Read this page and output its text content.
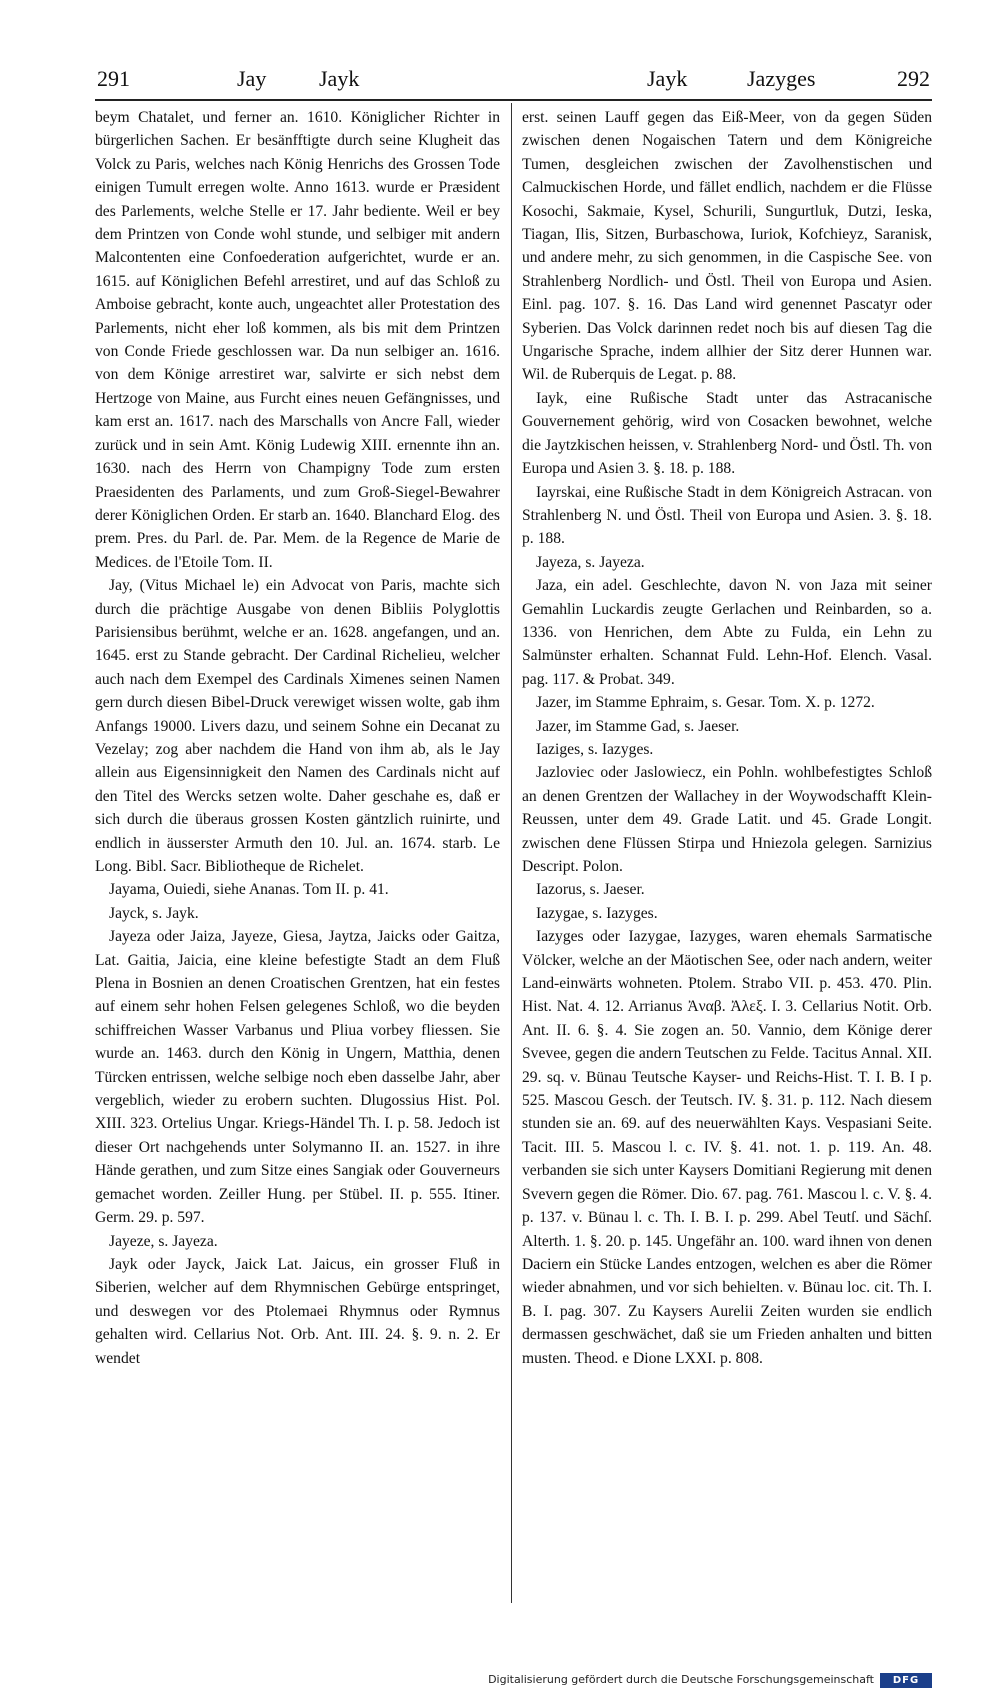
291	Jay Jayk	Jayk	Jazyges	292

beym Chatalet, und ferner an. 1610. Königlicher Richter in bürgerlichen Sachen. Er besänfftigte durch seine Klugheit das Volck zu Paris, welches nach König Henrichs des Grossen Tode einigen Tumult erregen wolte. Anno 1613. wurde er Præsident des Parlements, welche Stelle er 17. Jahr bediente. Weil er bey dem Printzen von Conde wohl stunde, und selbiger mit andern Malcontenten eine Confoederation aufgerichtet, wurde er an. 1615. auf Königlichen Befehl arrestiret, und auf das Schloß zu Amboise gebracht, konte auch, ungeachtet aller Protestation des Parlements, nicht eher loß kommen, als bis mit dem Printzen von Conde Friede geschlossen war. Da nun selbiger an. 1616. von dem Könige arrestiret war, salvirte er sich nebst dem Hertzoge von Maine, aus Furcht eines neuen Gefängnisses, und kam erst an. 1617. nach des Marschalls von Ancre Fall, wieder zurück und in sein Amt. König Ludewig XIII. ernennte ihn an. 1630. nach des Herrn von Champigny Tode zum ersten Praesidenten des Parlaments, und zum Groß-Siegel-Bewahrer derer Königlichen Orden. Er starb an. 1640. Blanchard Elog. des prem. Pres. du Parl. de. Par. Mem. de la Regence de Marie de Medices. de l'Etoile Tom. II.

Jay, (Vitus Michael le) ein Advocat von Paris, machte sich durch die prächtige Ausgabe von denen Bibliis Polyglottis Parisiensibus berühmt, welche er an. 1628. angefangen, und an. 1645. erst zu Stande gebracht. Der Cardinal Richelieu, welcher auch nach dem Exempel des Cardinals Ximenes seinen Namen gern durch diesen Bibel-Druck verewiget wissen wolte, gab ihm Anfangs 19000. Livers dazu, und seinem Sohne ein Decanat zu Vezelay; zog aber nachdem die Hand von ihm ab, als le Jay allein aus Eigensinnigkeit den Namen des Cardinals nicht auf den Titel des Wercks setzen wolte. Daher geschahe es, daß er sich durch die überaus grossen Kosten gäntzlich ruinirte, und endlich in äusserster Armuth den 10. Jul. an. 1674. starb. Le Long. Bibl. Sacr. Bibliotheque de Richelet.

Jayama, Ouiedi, siehe Ananas. Tom II. p. 41.

Jayck, s. Jayk.

Jayeza oder Jaiza, Jayeze, Giesa, Jaytza, Jaicks oder Gaitza, Lat. Gaitia, Jaicia, eine kleine befestigte Stadt an dem Fluß Plena in Bosnien an denen Croatischen Grentzen, hat ein festes auf einem sehr hohen Felsen gelegenes Schloß, wo die beyden schiffreichen Wasser Varbanus und Pliua vorbey fliessen. Sie wurde an. 1463. durch den König in Ungern, Matthia, denen Türcken entrissen, welche selbige noch eben dasselbe Jahr, aber vergeblich, wieder zu erobern suchten. Dlugossius Hist. Pol. XIII. 323. Ortelius Ungar. Kriegs-Händel Th. I. p. 58. Jedoch ist dieser Ort nachgehends unter Solymanno II. an. 1527. in ihre Hände gerathen, und zum Sitze eines Sangiak oder Gouverneurs gemachet worden. Zeiller Hung. per Stübel. II. p. 555. Itiner. Germ. 29. p. 597.

Jayeze, s. Jayeza.

Jayk oder Jayck, Jaick Lat. Jaicus, ein grosser Fluß in Siberien, welcher auf dem Rhymnischen Gebürge entspringet, und deswegen vor des Ptolemaei Rhymnus oder Rymnus gehalten wird. Cellarius Not. Orb. Ant. III. 24. §. 9. n. 2. Er wendet

erst. seinen Lauff gegen das Eiß-Meer, von da gegen Süden zwischen denen Nogaischen Tatern und dem Königreiche Tumen, desgleichen zwischen der Zavolhenstischen und Calmuckischen Horde, und fället endlich, nachdem er die Flüsse Kosochi, Sakmaie, Kysel, Schurili, Sungurtluk, Dutzi, Ieska, Tiagan, Ilis, Sitzen, Burbaschowa, Iuriok, Kofchieyz, Saranisk, und andere mehr, zu sich genommen, in die Caspische See. von Strahlenberg Nordlich- und Östl. Theil von Europa und Asien. Einl. pag. 107. §. 16. Das Land wird genennet Pascatyr oder Syberien. Das Volck darinnen redet noch bis auf diesen Tag die Ungarische Sprache, indem allhier der Sitz derer Hunnen war. Wil. de Ruberquis de Legat. p. 88.

Iayk, eine Rußische Stadt unter das Astracanische Gouvernement gehörig, wird von Cosacken bewohnet, welche die Jaytzkischen heissen, v. Strahlenberg Nord- und Östl. Th. von Europa und Asien 3. §. 18. p. 188.

Iayrskai, eine Rußische Stadt in dem Königreich Astracan. von Strahlenberg N. und Östl. Theil von Europa und Asien. 3. §. 18. p. 188.

Jayeza, s. Jayeza.

Jaza, ein adel. Geschlechte, davon N. von Jaza mit seiner Gemahlin Luckardis zeugte Gerlachen und Reinbarden, so a. 1336. von Henrichen, dem Abte zu Fulda, ein Lehn zu Salmünster erhalten. Schannat Fuld. Lehn-Hof. Elench. Vasal. pag. 117. & Probat. 349.

Jazer, im Stamme Ephraim, s. Gesar. Tom. X. p. 1272.

Jazer, im Stamme Gad, s. Jaeser.

Iaziges, s. Iazyges.

Jazloviec oder Jaslowiecz, ein Pohln. wohlbefestigtes Schloß an denen Grentzen der Wallachey in der Woywodschafft Klein-Reussen, unter dem 49. Grade Latit. und 45. Grade Longit. zwischen dene Flüssen Stirpa und Hniezola gelegen. Sarnizius Descript. Polon.

Iazorus, s. Jaeser.

Iazygae, s. Iazyges.

Iazyges oder Iazygae, Iazyges, waren ehemals Sarmatische Völcker, welche an der Mäotischen See, oder nach andern, weiter Land-einwärts wohneten. Ptolem. Strabo VII. p. 453. 470. Plin. Hist. Nat. 4. 12. Arrianus Ἀναβ. Ἀλεξ. I. 3. Cellarius Notit. Orb. Ant. II. 6. §. 4. Sie zogen an. 50. Vannio, dem Könige derer Svevee, gegen die andern Teutschen zu Felde. Tacitus Annal. XII. 29. sq. v. Bünau Teutsche Kayser- und Reichs-Hist. T. I. B. I p. 525. Mascou Gesch. der Teutsch. IV. §. 31. p. 112. Nach diesem stunden sie an. 69. auf des neuerwählten Kays. Vespasiani Seite. Tacit. III. 5. Mascou l. c. IV. §. 41. not. 1. p. 119. An. 48. verbanden sie sich unter Kaysers Domitiani Regierung mit denen Svevern gegen die Römer. Dio. 67. pag. 761. Mascou l. c. V. §. 4. p. 137. v. Bünau l. c. Th. I. B. I. p. 299. Abel Teutſ. und Sächſ. Alterth. 1. §. 20. p. 145. Ungefähr an. 100. ward ihnen von denen Daciern ein Stücke Landes entzogen, welchen es aber die Römer wieder abnahmen, und vor sich behielten. v. Bünau loc. cit. Th. I. B. I. pag. 307. Zu Kaysers Aurelii Zeiten wurden sie endlich dermassen geschwächet, daß sie um Frieden anhalten und bitten musten. Theod. e Dione LXXI. p. 808.

Digitalisierung gefördert durch die Deutsche Forschungsgemeinschaft	DFG
